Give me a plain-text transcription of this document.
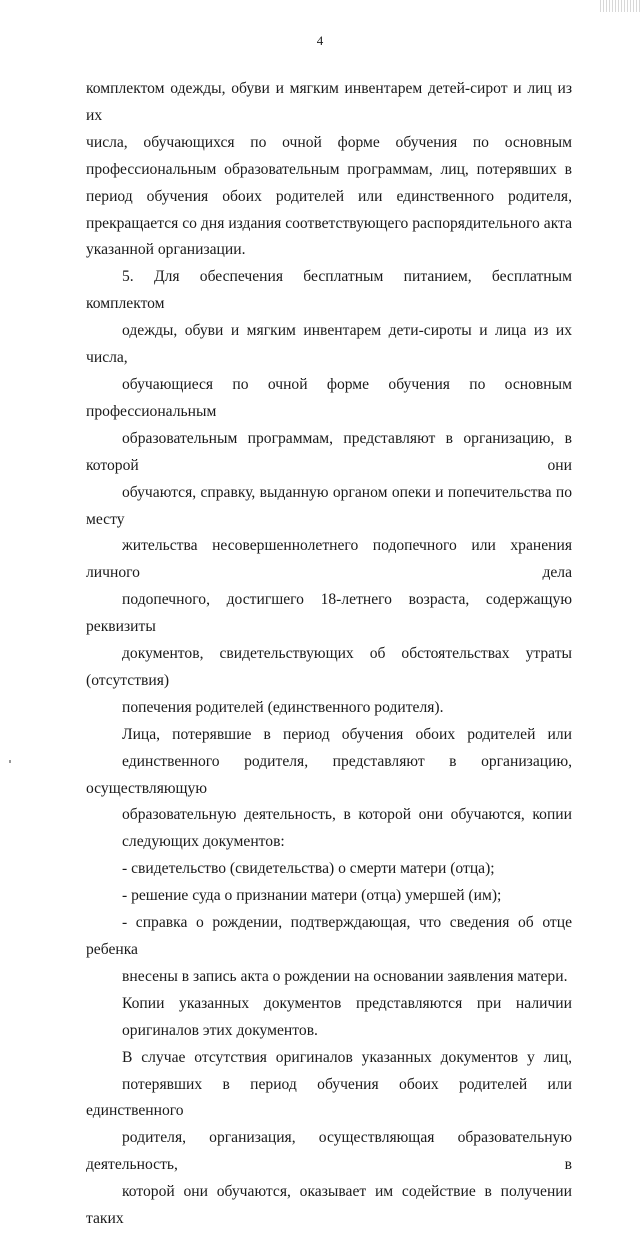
4

комплектом одежды, обуви и мягким инвентарем детей-сирот и лиц из их
числа, обучающихся по очной форме обучения по основным
профессиональным образовательным программам, лиц, потерявших в
период обучения обоих родителей или единственного родителя,
прекращается со дня издания соответствующего распорядительного акта
указанной организации.

5. Для обеспечения бесплатным питанием, бесплатным комплектом
одежды, обуви и мягким инвентарем дети-сироты и лица из их числа,
обучающиеся по очной форме обучения по основным профессиональным
образовательным программам, представляют в организацию, в которой они
обучаются, справку, выданную органом опеки и попечительства по месту
жительства несовершеннолетнего подопечного или хранения личного дела
подопечного, достигшего 18-летнего возраста, содержащую реквизиты
документов, свидетельствующих об обстоятельствах утраты (отсутствия)
попечения родителей (единственного родителя).

Лица, потерявшие в период обучения обоих родителей или
единственного родителя, представляют в организацию, осуществляющую
образовательную деятельность, в которой они обучаются, копии
следующих документов:

- свидетельство (свидетельства) о смерти матери (отца);

- решение суда о признании матери (отца) умершей (им);

- справка о рождении, подтверждающая, что сведения об отце ребенка
внесены в запись акта о рождении на основании заявления матери.

Копии указанных документов представляются при наличии
оригиналов этих документов.

В случае отсутствия оригиналов указанных документов у лиц,
потерявших в период обучения обоих родителей или единственного
родителя, организация, осуществляющая образовательную деятельность, в
которой они обучаются, оказывает им содействие в получении таких
